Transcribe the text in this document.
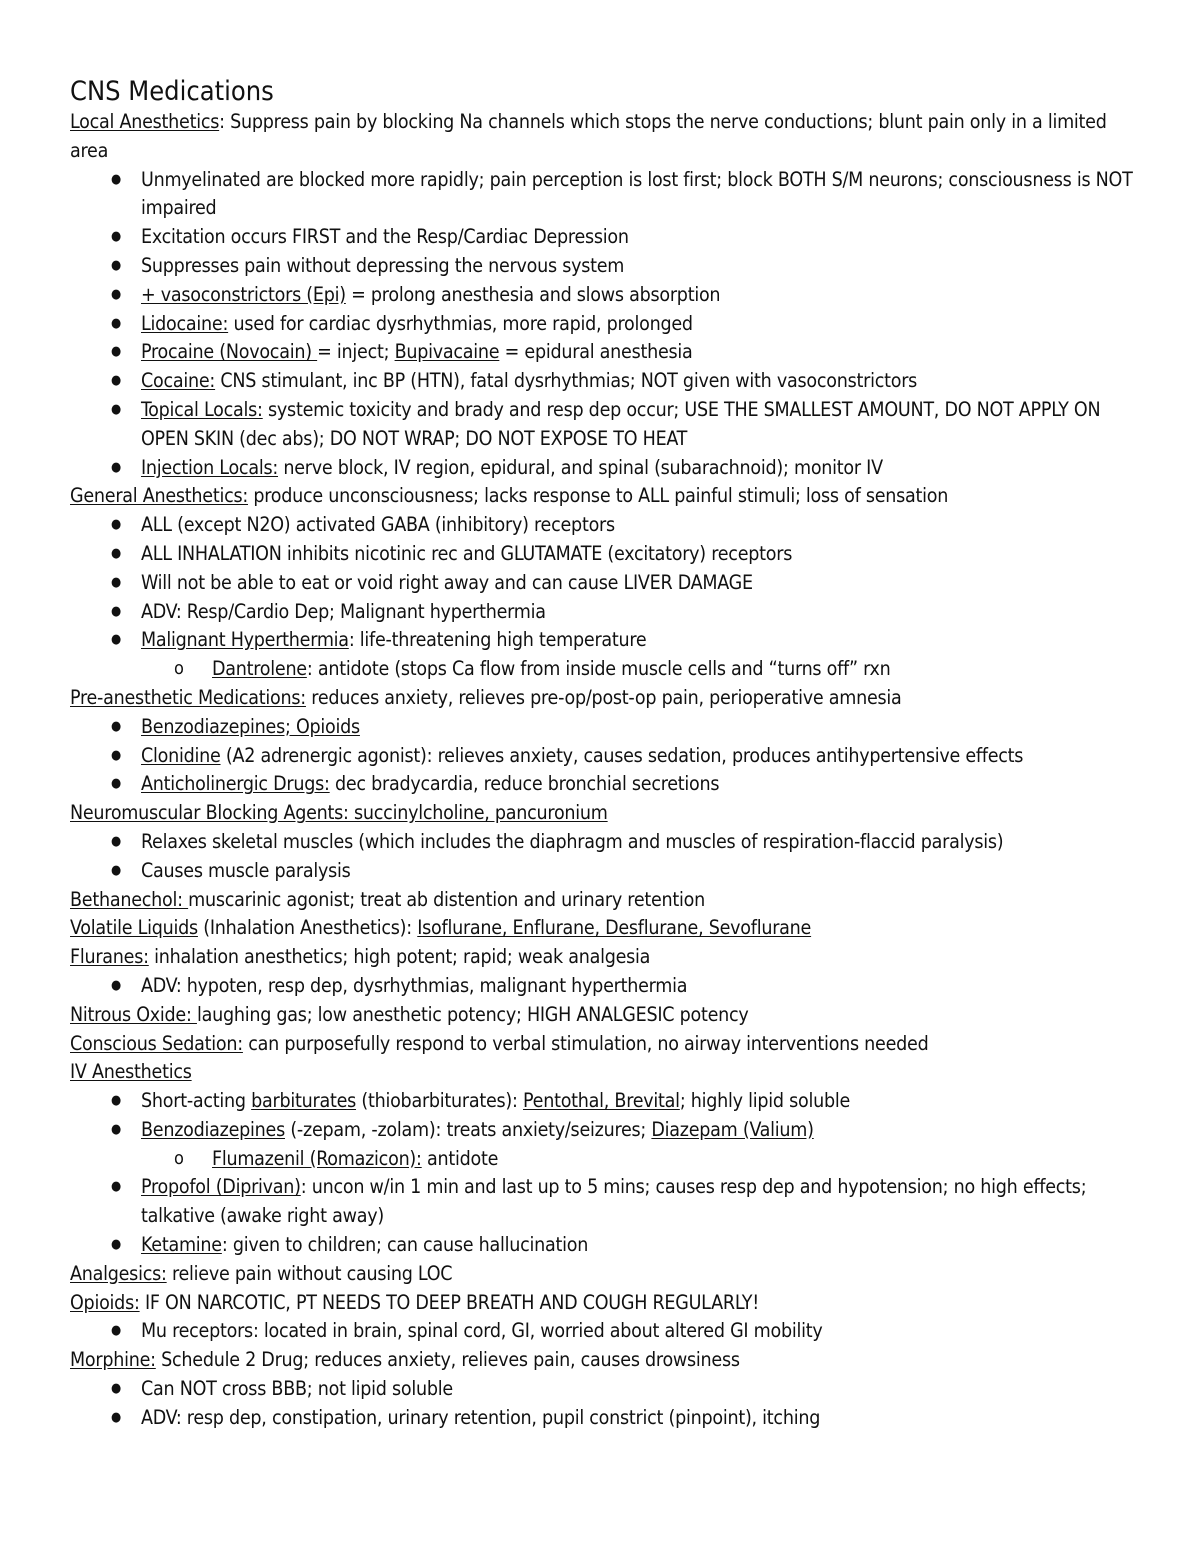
CNS Medications

Local Anesthetics: Suppress pain by blocking Na channels which stops the nerve conductions; blunt pain only in a limited area

● Unmyelinated are blocked more rapidly; pain perception is lost first; block BOTH S/M neurons; consciousness is NOT impaired

● Excitation occurs FIRST and the Resp/Cardiac Depression

● Suppresses pain without depressing the nervous system

● + vasoconstrictors (Epi) = prolong anesthesia and slows absorption

● Lidocaine: used for cardiac dysrhythmias, more rapid, prolonged

● Procaine (Novocain) = inject; Bupivacaine = epidural anesthesia

● Cocaine: CNS stimulant, inc BP (HTN), fatal dysrhythmias; NOT given with vasoconstrictors

● Topical Locals: systemic toxicity and brady and resp dep occur; USE THE SMALLEST AMOUNT, DO NOT APPLY ON OPEN SKIN (dec abs); DO NOT WRAP; DO NOT EXPOSE TO HEAT

● Injection Locals: nerve block, IV region, epidural, and spinal (subarachnoid); monitor IV

General Anesthetics: produce unconsciousness; lacks response to ALL painful stimuli; loss of sensation

● ALL (except N2O) activated GABA (inhibitory) receptors

● ALL INHALATION inhibits nicotinic rec and GLUTAMATE (excitatory) receptors

● Will not be able to eat or void right away and can cause LIVER DAMAGE

● ADV: Resp/Cardio Dep; Malignant hyperthermia

● Malignant Hyperthermia: life-threatening high temperature

o Dantrolene: antidote (stops Ca flow from inside muscle cells and “turns off” rxn

Pre-anesthetic Medications: reduces anxiety, relieves pre-op/post-op pain, perioperative amnesia

● Benzodiazepines; Opioids

● Clonidine (A2 adrenergic agonist): relieves anxiety, causes sedation, produces antihypertensive effects

● Anticholinergic Drugs: dec bradycardia, reduce bronchial secretions

Neuromuscular Blocking Agents: succinylcholine, pancuronium

● Relaxes skeletal muscles (which includes the diaphragm and muscles of respiration-flaccid paralysis)

● Causes muscle paralysis

Bethanechol: muscarinic agonist; treat ab distention and urinary retention

Volatile Liquids (Inhalation Anesthetics): Isoflurane, Enflurane, Desflurane, Sevoflurane

Fluranes: inhalation anesthetics; high potent; rapid; weak analgesia

● ADV: hypoten, resp dep, dysrhythmias, malignant hyperthermia

Nitrous Oxide: laughing gas; low anesthetic potency; HIGH ANALGESIC potency

Conscious Sedation: can purposefully respond to verbal stimulation, no airway interventions needed

IV Anesthetics

● Short-acting barbiturates (thiobarbiturates): Pentothal, Brevital; highly lipid soluble

● Benzodiazepines (-zepam, -zolam): treats anxiety/seizures; Diazepam (Valium)

o Flumazenil (Romazicon): antidote

● Propofol (Diprivan): uncon w/in 1 min and last up to 5 mins; causes resp dep and hypotension; no high effects; talkative (awake right away)

● Ketamine: given to children; can cause hallucination

Analgesics: relieve pain without causing LOC

Opioids: IF ON NARCOTIC, PT NEEDS TO DEEP BREATH AND COUGH REGULARLY!

● Mu receptors: located in brain, spinal cord, GI, worried about altered GI mobility

Morphine: Schedule 2 Drug; reduces anxiety, relieves pain, causes drowsiness

● Can NOT cross BBB; not lipid soluble

● ADV: resp dep, constipation, urinary retention, pupil constrict (pinpoint), itching
